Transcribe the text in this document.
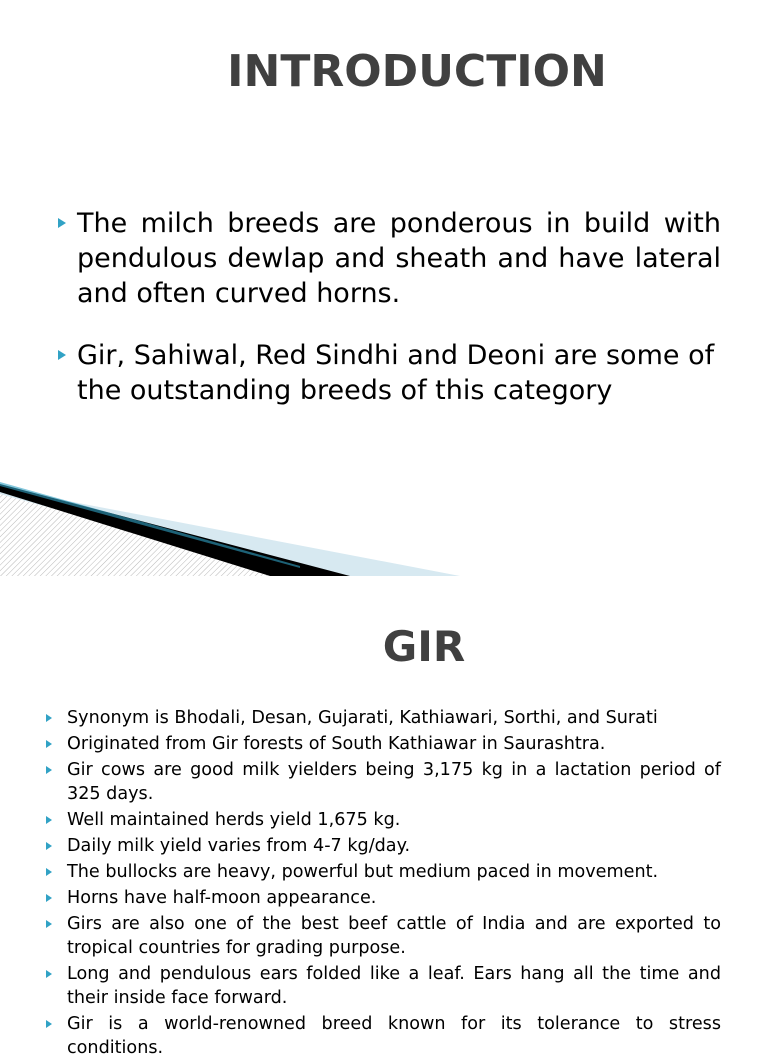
INTRODUCTION
The milch breeds are ponderous in build with pendulous dewlap and sheath and have lateral and often curved horns.
Gir, Sahiwal, Red Sindhi and Deoni are some of the outstanding breeds of this category
GIR
Synonym is Bhodali, Desan, Gujarati, Kathiawari, Sorthi, and Surati
Originated from Gir forests of South Kathiawar in Saurashtra.
Gir cows are good milk yielders being 3,175 kg in a lactation period of 325 days.
Well maintained herds yield 1,675 kg.
Daily milk yield varies from 4-7 kg/day.
The bullocks are heavy, powerful but medium paced in movement.
Horns have half-moon appearance.
Girs are also one of the best beef cattle of India and are exported to tropical countries for grading purpose.
Long and pendulous ears folded like a leaf. Ears hang all the time and their inside face forward.
Gir is a world-renowned breed known for its tolerance to stress conditions.
